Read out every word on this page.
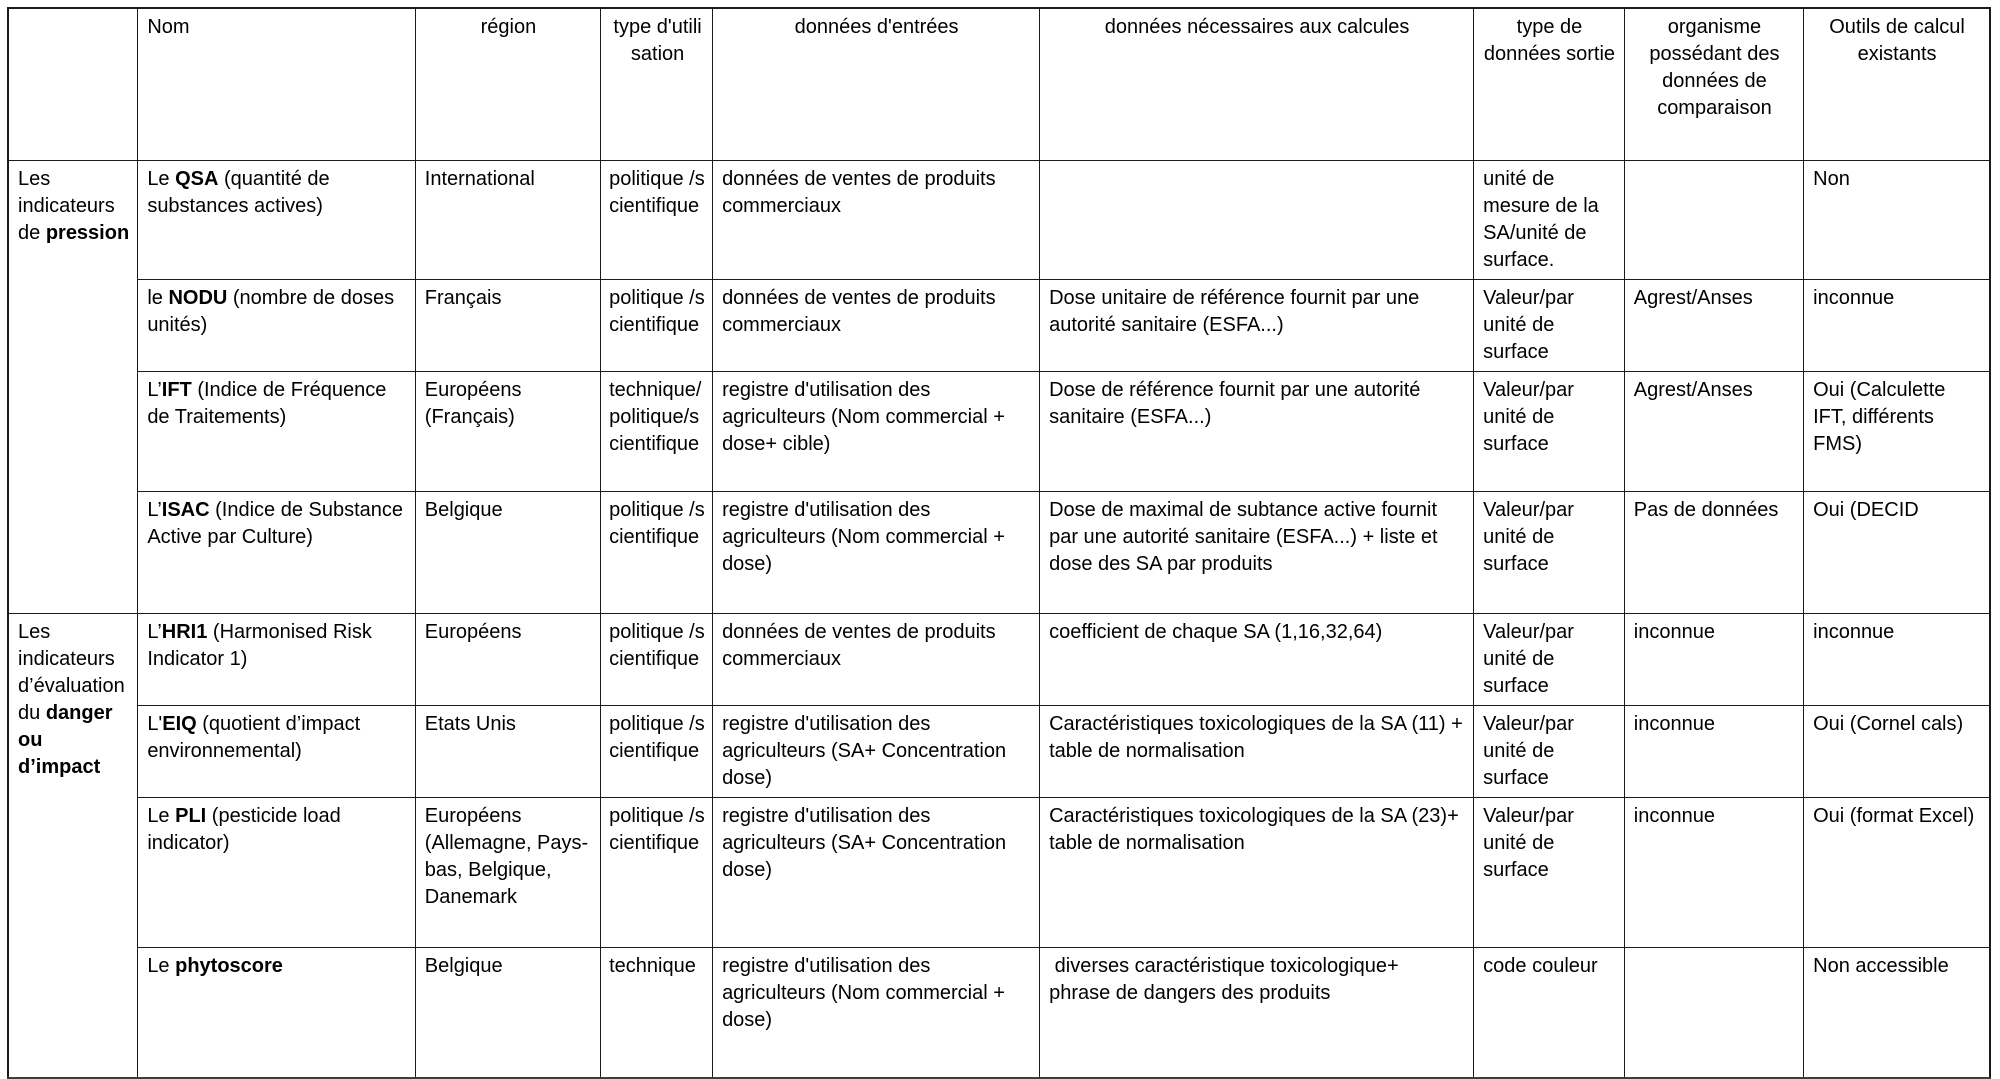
	Nom	région	type d'utilisation	données d'entrées	données nécessaires aux calcules	type de données sortie	organisme possédant des données de comparaison	Outils de calcul existants
Les indicateurs de pression	Le QSA (quantité de substances actives)	International	politique /scientifique	données de ventes de produits commerciaux		unité de mesure de la SA/unité de surface.		Non
	le NODU (nombre de doses unités)	Français	politique /scientifique	données de ventes de produits commerciaux	Dose unitaire de référence fournit par une autorité sanitaire (ESFA...)	Valeur/par unité de surface	Agrest/Anses	inconnue
	L’IFT (Indice de Fréquence de Traitements)	Européens (Français)	technique/politique/scientifique	registre d'utilisation des agriculteurs (Nom commercial + dose+ cible)	Dose de référence fournit par une autorité sanitaire (ESFA...)	Valeur/par unité de surface	Agrest/Anses	Oui (Calculette IFT, différents FMS)
	L’ISAC (Indice de Substance Active par Culture)	Belgique	politique /scientifique	registre d'utilisation des agriculteurs (Nom commercial + dose)	Dose de maximal de subtance active fournit par une autorité sanitaire (ESFA...) + liste et dose des SA par produits	Valeur/par unité de surface	Pas de données	Oui (DECID
Les indicateurs d’évaluation du danger ou d’impact	L’HRI1 (Harmonised Risk Indicator 1)	Européens	politique /scientifique	données de ventes de produits commerciaux	coefficient de chaque SA (1,16,32,64)	Valeur/par unité de surface	inconnue	inconnue
	L'EIQ (quotient d’impact environnemental)	Etats Unis	politique /scientifique	registre d'utilisation des agriculteurs (SA+ Concentration dose)	Caractéristiques toxicologiques de la SA (11) +  table de normalisation	Valeur/par unité de surface	inconnue	Oui (Cornel cals)
	Le PLI (pesticide load indicator)	Européens (Allemagne, Pays-bas, Belgique, Danemark	politique /scientifique	registre d'utilisation des agriculteurs (SA+ Concentration dose)	Caractéristiques toxicologiques de la SA (23)+ table de normalisation	Valeur/par unité de surface	inconnue	Oui (format Excel)
	Le phytoscore	Belgique	technique	registre d'utilisation des agriculteurs (Nom commercial + dose)	diverses caractéristique toxicologique+ phrase de dangers des produits	code couleur		Non accessible
